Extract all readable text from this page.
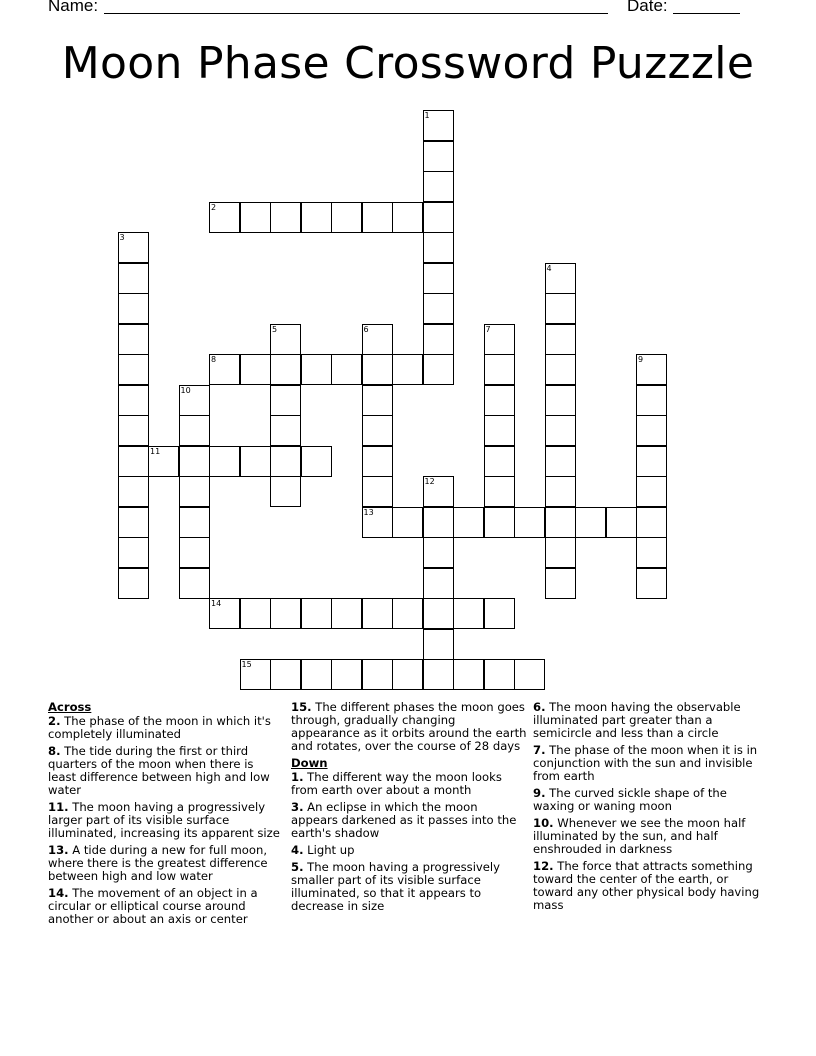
Name:	Date:
Moon Phase Crossword Puzzzle
1
2
3
4
5	6
13
7
8	9
10
11
12
14
15
Across
2. The phase of the moon in which it's completely illuminated
8. The tide during the first or third quarters of the moon when there is least difference between high and low water
11. The moon having a progressively larger part of its visible surface illuminated, increasing its apparent size
13. A tide during a new for full moon, where there is the greatest difference between high and low water
14. The movement of an object in a circular or elliptical course around another or about an axis or center
15. The different phases the moon goes through, gradually changing appearance as it orbits around the earth and rotates, over the course of 28 days
Down
1. The different way the moon looks from earth over about a month
3. An eclipse in which the moon appears darkened as it passes into the earth's shadow
4. Light up
5. The moon having a progressively smaller part of its visible surface illuminated, so that it appears to decrease in size
6. The moon having the observable illuminated part greater than a semicircle and less than a circle
7. The phase of the moon when it is in conjunction with the sun and invisible from earth
9. The curved sickle shape of the waxing or waning moon
10. Whenever we see the moon half illuminated by the sun, and half enshrouded in darkness
12. The force that attracts something toward the center of the earth, or toward any other physical body having mass
